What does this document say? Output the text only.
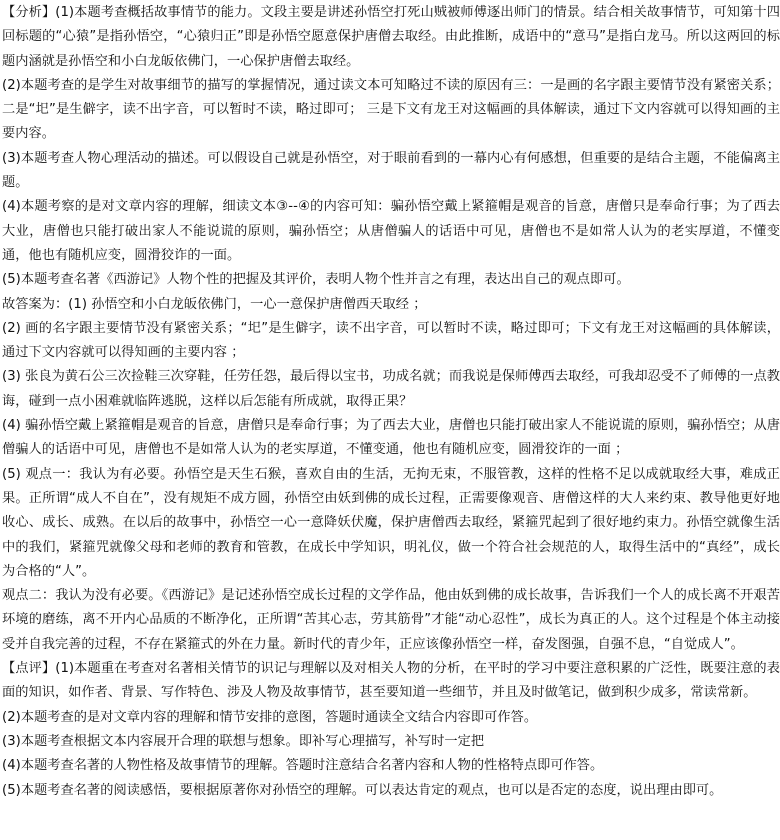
【分析】(1)本题考查概括故事情节的能力。文段主要是讲述孙悟空打死山贼被师傅逐出师门的情景。结合相关故事情节，可知第十四回标题的“心猿”是指孙悟空，“心猿归正”即是孙悟空愿意保护唐僧去取经。由此推断，成语中的“意马”是指白龙马。所以这两回的标题内涵就是孙悟空和小白龙皈依佛门，一心保护唐僧去取经。

(2)本题考查的是学生对故事细节的描写的掌握情况，通过读文本可知略过不读的原因有三：一是画的名字跟主要情节没有紧密关系；二是“圯”是生僻字，读不出字音，可以暂时不读，略过即可； 三是下文有龙王对这幅画的具体解读，通过下文内容就可以得知画的主要内容。

(3)本题考查人物心理活动的描述。可以假设自己就是孙悟空，对于眼前看到的一幕内心有何感想，但重要的是结合主题，不能偏离主题。

(4)本题考察的是对文章内容的理解，细读文本③--④的内容可知：骗孙悟空戴上紧箍帽是观音的旨意，唐僧只是奉命行事；为了西去大业，唐僧也只能打破出家人不能说谎的原则，骗孙悟空；从唐僧骗人的话语中可见，唐僧也不是如常人认为的老实厚道，不懂变通，他也有随机应变，圆滑狡诈的一面。

(5)本题考查名著《西游记》人物个性的把握及其评价，表明人物个性并言之有理，表达出自己的观点即可。

故答案为：(1) 孙悟空和小白龙皈依佛门，一心一意保护唐僧西天取经 ；

(2) 画的名字跟主要情节没有紧密关系；“圯”是生僻字，读不出字音，可以暂时不读，略过即可；下文有龙王对这幅画的具体解读，通过下文内容就可以得知画的主要内容 ；

(3) 张良为黄石公三次捡鞋三次穿鞋，任劳任怨，最后得以宝书，功成名就；而我说是保师傅西去取经，可我却忍受不了师傅的一点教诲，碰到一点小困难就临阵逃脱，这样以后怎能有所成就，取得正果？

(4) 骗孙悟空戴上紧箍帽是观音的旨意，唐僧只是奉命行事；为了西去大业，唐僧也只能打破出家人不能说谎的原则，骗孙悟空；从唐僧骗人的话语中可见，唐僧也不是如常人认为的老实厚道，不懂变通，他也有随机应变，圆滑狡诈的一面 ；

(5) 观点一：我认为有必要。孙悟空是天生石猴，喜欢自由的生活，无拘无束，不服管教，这样的性格不足以成就取经大事，难成正果。正所谓“成人不自在”，没有规矩不成方圆，孙悟空由妖到佛的成长过程，正需要像观音、唐僧这样的大人来约束、教导他更好地收心、成长、成熟。在以后的故事中，孙悟空一心一意降妖伏魔，保护唐僧西去取经，紧箍咒起到了很好地约束力。孙悟空就像生活中的我们，紧箍咒就像父母和老师的教育和管教，在成长中学知识，明礼仪，做一个符合社会规范的人，取得生活中的“真经”，成长为合格的“人”。

观点二：我认为没有必要。《西游记》是记述孙悟空成长过程的文学作品，他由妖到佛的成长故事，告诉我们一个人的成长离不开艰苦环境的磨练，离不开内心品质的不断净化，正所谓“苦其心志，劳其筋骨”才能“动心忍性”，成长为真正的人。这个过程是个体主动接受并自我完善的过程，不存在紧箍式的外在力量。新时代的青少年，正应该像孙悟空一样，奋发图强，自强不息，“自觉成人”。

【点评】(1)本题重在考查对名著相关情节的识记与理解以及对相关人物的分析，在平时的学习中要注意积累的广泛性，既要注意的表面的知识，如作者、背景、写作特色、涉及人物及故事情节，甚至要知道一些细节，并且及时做笔记，做到积少成多，常读常新。

(2)本题考查的是对文章内容的理解和情节安排的意图，答题时通读全文结合内容即可作答。

(3)本题考查根据文本内容展开合理的联想与想象。即补写心理描写，补写时一定把

(4)本题考查名著的人物性格及故事情节的理解。答题时注意结合名著内容和人物的性格特点即可作答。

(5)本题考查名著的阅读感悟，要根据原著你对孙悟空的理解。可以表达肯定的观点，也可以是否定的态度，说出理由即可。
